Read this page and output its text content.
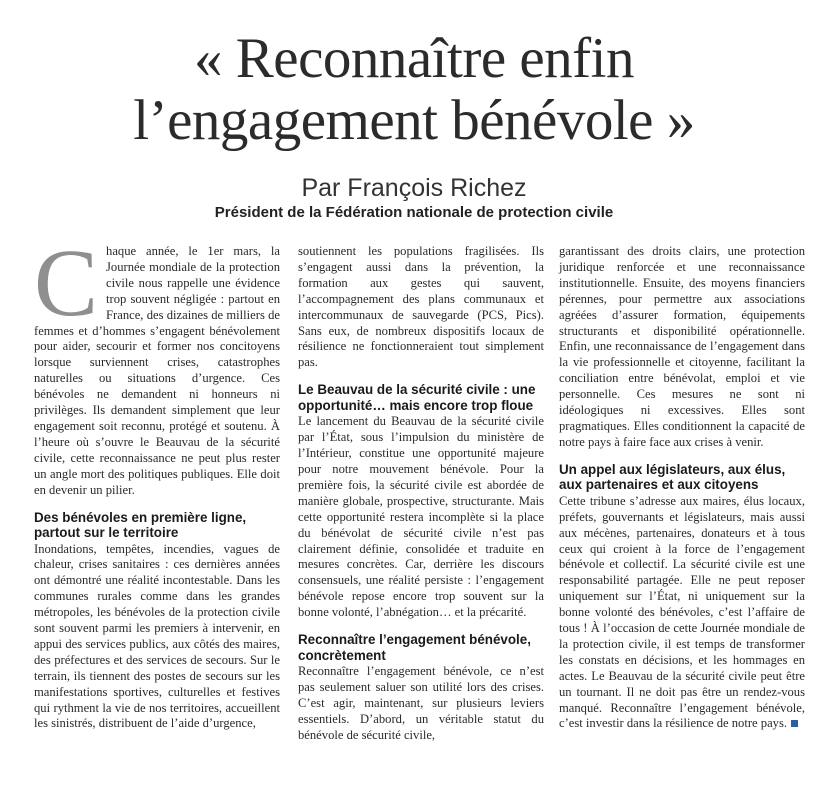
« Reconnaître enfin
l’engagement bénévole »
Par François Richez
Président de la Fédération nationale de protection civile
C haque année, le 1er mars, la Journée mondiale de la protection civile nous rappelle une évidence trop souvent négligée : partout en France, des dizaines de milliers de femmes et d’hommes s’engagent bénévolement pour aider, secourir et former nos concitoyens lorsque surviennent crises, catastrophes naturelles ou situations d’urgence. Ces bénévoles ne demandent ni honneurs ni privilèges. Ils demandent simplement que leur engagement soit reconnu, protégé et soutenu. À l’heure où s’ouvre le Beauvau de la sécurité civile, cette reconnaissance ne peut plus rester un angle mort des politiques publiques. Elle doit en devenir un pilier.

Des bénévoles en première ligne, partout sur le territoire

Inondations, tempêtes, incendies, vagues de chaleur, crises sanitaires : ces dernières années ont démontré une réalité incontestable. Dans les communes rurales comme dans les grandes métropoles, les bénévoles de la protection civile sont souvent parmi les premiers à intervenir, en appui des services publics, aux côtés des maires, des préfectures et des services de secours. Sur le terrain, ils tiennent des postes de secours sur les manifestations sportives, culturelles et festives qui rythment la vie de nos territoires, accueillent les sinistrés, distribuent de l’aide d’urgence,

soutiennent les populations fragilisées. Ils s’engagent aussi dans la prévention, la formation aux gestes qui sauvent, l’accompagnement des plans communaux et intercommunaux de sauvegarde (PCS, Pics). Sans eux, de nombreux dispositifs locaux de résilience ne fonctionneraient tout simplement pas.

Le Beauvau de la sécurité civile : une opportunité… mais encore trop floue

Le lancement du Beauvau de la sécurité civile par l’État, sous l’impulsion du ministère de l’Intérieur, constitue une opportunité majeure pour notre mouvement bénévole. Pour la première fois, la sécurité civile est abordée de manière globale, prospective, structurante. Mais cette opportunité restera incomplète si la place du bénévolat de sécurité civile n’est pas clairement définie, consolidée et traduite en mesures concrètes. Car, derrière les discours consensuels, une réalité persiste : l’engagement bénévole repose encore trop souvent sur la bonne volonté, l’abnégation… et la précarité.

Reconnaître l’engagement bénévole, concrètement

Reconnaître l’engagement bénévole, ce n’est pas seulement saluer son utilité lors des crises. C’est agir, maintenant, sur plusieurs leviers essentiels. D’abord, un véritable statut du bénévole de sécurité civile,

garantissant des droits clairs, une protection juridique renforcée et une reconnaissance institutionnelle. Ensuite, des moyens financiers pérennes, pour permettre aux associations agréées d’assurer formation, équipements structurants et disponibilité opérationnelle. Enfin, une reconnaissance de l’engagement dans la vie professionnelle et citoyenne, facilitant la conciliation entre bénévolat, emploi et vie personnelle. Ces mesures ne sont ni idéologiques ni excessives. Elles sont pragmatiques. Elles conditionnent la capacité de notre pays à faire face aux crises à venir.

Un appel aux législateurs, aux élus, aux partenaires et aux citoyens

Cette tribune s’adresse aux maires, élus locaux, préfets, gouvernants et législateurs, mais aussi aux mécènes, partenaires, donateurs et à tous ceux qui croient à la force de l’engagement bénévole et collectif. La sécurité civile est une responsabilité partagée. Elle ne peut reposer uniquement sur l’État, ni uniquement sur la bonne volonté des bénévoles, c’est l’affaire de tous ! À l’occasion de cette Journée mondiale de la protection civile, il est temps de transformer les constats en décisions, et les hommages en actes. Le Beauvau de la sécurité civile peut être un tournant. Il ne doit pas être un rendez-vous manqué. Reconnaître l’engagement bénévole, c’est investir dans la résilience de notre pays.
